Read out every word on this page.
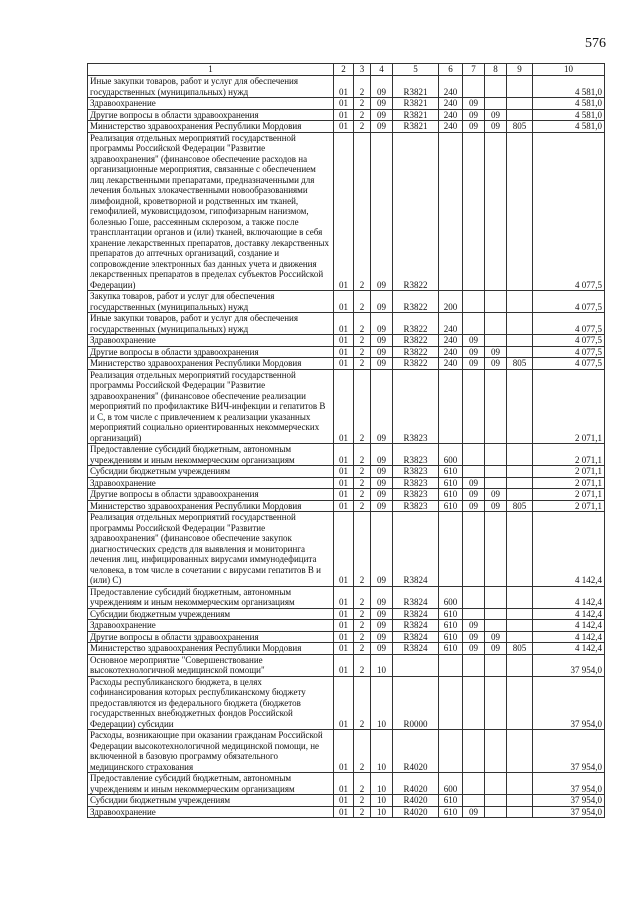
576
1	2	3	4	5	6	7	8	9	10
Иные закупки товаров, работ и услуг для обеспечения государственных (муниципальных) нужд	01	2	09	R3821	240				4 581,0
Здравоохранение	01	2	09	R3821	240	09			4 581,0
Другие вопросы в области здравоохранения	01	2	09	R3821	240	09	09		4 581,0
Министерство здравоохранения Республики Мордовия	01	2	09	R3821	240	09	09	805	4 581,0
Реализация отдельных мероприятий государственной программы Российской Федерации "Развитие здравоохранения" (финансовое обеспечение расходов на организационные мероприятия, связанные с обеспечением лиц лекарственными препаратами, предназначенными для лечения больных злокачественными новообразованиями лимфоидной, кроветворной и родственных им тканей, гемофилией, муковисцидозом, гипофизарным нанизмом, болезнью Гоше, рассеянным склерозом, а также после трансплантации органов и (или) тканей, включающие в себя хранение лекарственных препаратов, доставку лекарственных препаратов до аптечных организаций, создание и сопровождение электронных баз данных учета и движения лекарственных препаратов в пределах субъектов Российской Федерации)	01	2	09	R3822					4 077,5
Закупка товаров, работ и услуг для обеспечения государственных (муниципальных) нужд	01	2	09	R3822	200				4 077,5
Иные закупки товаров, работ и услуг для обеспечения государственных (муниципальных) нужд	01	2	09	R3822	240				4 077,5
Здравоохранение	01	2	09	R3822	240	09			4 077,5
Другие вопросы в области здравоохранения	01	2	09	R3822	240	09	09		4 077,5
Министерство здравоохранения Республики Мордовия	01	2	09	R3822	240	09	09	805	4 077,5
Реализация отдельных мероприятий государственной программы Российской Федерации "Развитие здравоохранения" (финансовое обеспечение реализации мероприятий по профилактике ВИЧ-инфекции и гепатитов В и С, в том числе с привлечением к реализации указанных мероприятий социально ориентированных некоммерческих организаций)	01	2	09	R3823					2 071,1
Предоставление субсидий бюджетным, автономным учреждениям и иным некоммерческим организациям	01	2	09	R3823	600				2 071,1
Субсидии бюджетным учреждениям	01	2	09	R3823	610				2 071,1
Здравоохранение	01	2	09	R3823	610	09			2 071,1
Другие вопросы в области здравоохранения	01	2	09	R3823	610	09	09		2 071,1
Министерство здравоохранения Республики Мордовия	01	2	09	R3823	610	09	09	805	2 071,1
Реализация отдельных мероприятий государственной программы Российской Федерации "Развитие здравоохранения" (финансовое обеспечение закупок диагностических средств для выявления и мониторинга лечения лиц, инфицированных вирусами иммунодефицита человека, в том числе в сочетании с вирусами гепатитов В и (или) С)	01	2	09	R3824					4 142,4
Предоставление субсидий бюджетным, автономным учреждениям и иным некоммерческим организациям	01	2	09	R3824	600				4 142,4
Субсидии бюджетным учреждениям	01	2	09	R3824	610				4 142,4
Здравоохранение	01	2	09	R3824	610	09			4 142,4
Другие вопросы в области здравоохранения	01	2	09	R3824	610	09	09		4 142,4
Министерство здравоохранения Республики Мордовия	01	2	09	R3824	610	09	09	805	4 142,4
Основное мероприятие "Совершенствование высокотехнологичной медицинской помощи"	01	2	10						37 954,0
Расходы республиканского бюджета, в целях софинансирования которых республиканскому бюджету предоставляются из федерального бюджета (бюджетов государственных внебюджетных фондов Российской Федерации) субсидии	01	2	10	R0000					37 954,0
Расходы, возникающие при оказании гражданам Российской Федерации высокотехнологичной медицинской помощи, не включенной в базовую программу обязательного медицинского страхования	01	2	10	R4020					37 954,0
Предоставление субсидий бюджетным, автономным учреждениям и иным некоммерческим организациям	01	2	10	R4020	600				37 954,0
Субсидии бюджетным учреждениям	01	2	10	R4020	610				37 954,0
Здравоохранение	01	2	10	R4020	610	09			37 954,0
